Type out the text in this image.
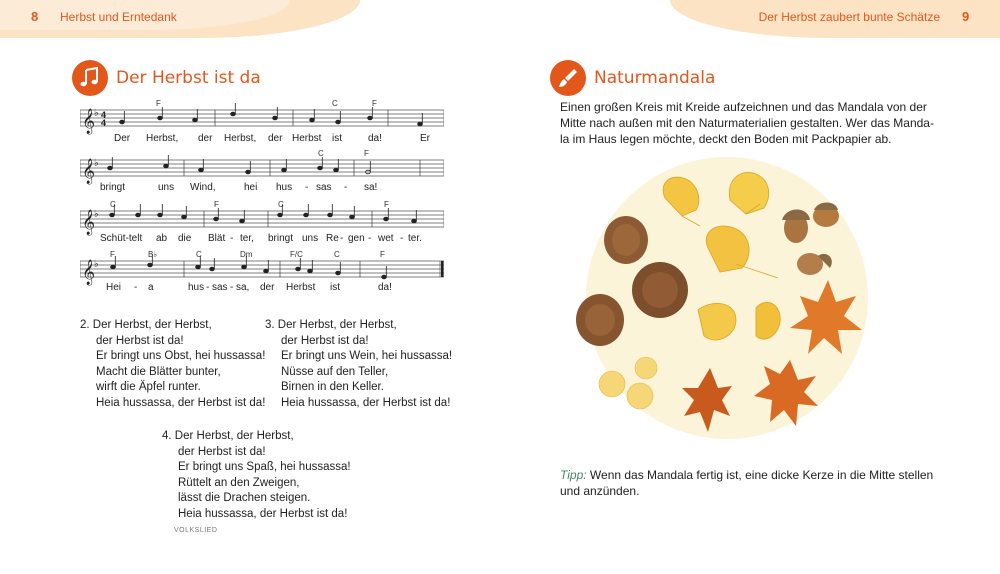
8 Herbst und Erntedank
Der Herbst ist da
𝄞
♭ 4
4
F	C	F
Der Herbst, der Herbst, der Herbst ist	da!	Er
𝄞
♭
C	F
bringt	uns Wind,	hei hus - sas - sa!
𝄞
♭
C	F	C	F
Schüt-telt ab die Blät - ter, bringt uns Re - gen - wet - ter.
𝄞
♭
F	B♭	C	Dm	F/C	C	F
Hei - a	hus - sas - sa, der Herbst ist	da!
2. Der Herbst, der Herbst,
der Herbst ist da!
Er bringt uns Obst, hei hussassa!
Macht die Blätter bunter,
wirft die Äpfel runter.
Heia hussassa, der Herbst ist da!
3. Der Herbst, der Herbst,
der Herbst ist da!
Er bringt uns Wein, hei hussassa!
Nüsse auf den Teller,
Birnen in den Keller.
Heia hussassa, der Herbst ist da!
4. Der Herbst, der Herbst,
der Herbst ist da!
Er bringt uns Spaß, hei hussassa!
Rüttelt an den Zweigen,
lässt die Drachen steigen.
Heia hussassa, der Herbst ist da!
VOLKSLIED
Der Herbst zaubert bunte Schätze 9
Naturmandala
Einen großen Kreis mit Kreide aufzeichnen und das Mandala von der
Mitte nach außen mit den Naturmaterialien gestalten. Wer das Manda-
la im Haus legen möchte, deckt den Boden mit Packpapier ab.
Tipp: Wenn das Mandala fertig ist, eine dicke Kerze in die Mitte stellen
und anzünden.
